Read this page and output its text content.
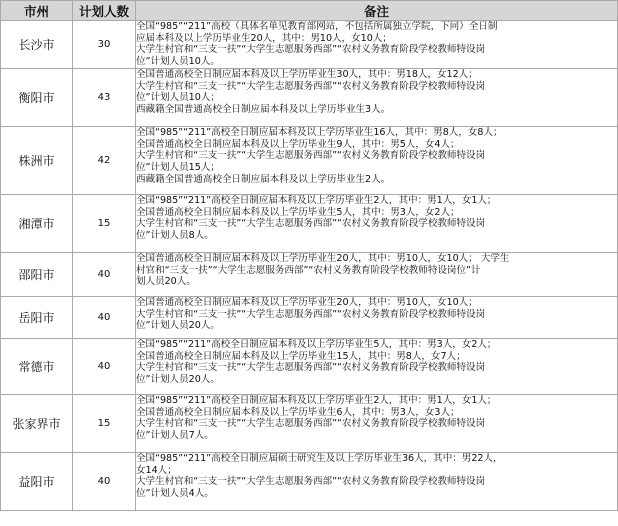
市州	计划人数	备注
长沙市	30	全国“985”“211”高校（具体名单见教育部网站，不包括所属独立学院，下同）全日制
应届本科及以上学历毕业生20人，其中：男10人，女10人；
大学生村官和“三支一扶”“大学生志愿服务西部”“农村义务教育阶段学校教师特设岗
位”计划人员10人。

衡阳市	43	全国普通高校全日制应届本科及以上学历毕业生30人，其中：男18人，女12人；
大学生村官和“三支一扶”“大学生志愿服务西部”“农村义务教育阶段学校教师特设岗
位”计划人员10人；
西藏籍全国普通高校全日制应届本科及以上学历毕业生3人。

株洲市	42	全国“985”“211”高校全日制应届本科及以上学历毕业生16人，其中：男8人，女8人；
全国普通高校全日制应届本科及以上学历毕业生9人，其中：男5人，女4人；
大学生村官和“三支一扶”“大学生志愿服务西部”“农村义务教育阶段学校教师特设岗
位”计划人员15人；
西藏籍全国普通高校全日制应届本科及以上学历毕业生2人。

湘潭市	15	全国“985”“211”高校全日制应届本科及以上学历毕业生2人，其中：男1人，女1人；
全国普通高校全日制应届本科及以上学历毕业生5人，其中：男3人，女2人；
大学生村官和“三支一扶”“大学生志愿服务西部”“农村义务教育阶段学校教师特设岗
位”计划人员8人。

邵阳市	40	全国普通高校全日制应届本科及以上学历毕业生20人，其中：男10人，女10人； 大学生
村官和“三支一扶”“大学生志愿服务西部”“农村义务教育阶段学校教师特设岗位”计
划人员20人。

岳阳市	40	全国普通高校全日制应届本科及以上学历毕业生20人，其中：男10人，女10人；
大学生村官和“三支一扶”“大学生志愿服务西部”“农村义务教育阶段学校教师特设岗
位”计划人员20人。

常德市	40	全国“985”“211”高校全日制应届本科及以上学历毕业生5人，其中：男3人，女2人；
全国普通高校全日制应届本科及以上学历毕业生15人，其中：男8人，女7人；
大学生村官和“三支一扶”“大学生志愿服务西部”“农村义务教育阶段学校教师特设岗
位”计划人员20人。

张家界市	15	全国“985”“211”高校全日制应届本科及以上学历毕业生2人，其中：男1人，女1人；
全国普通高校全日制应届本科及以上学历毕业生6人，其中：男3人，女3人；
大学生村官和“三支一扶”“大学生志愿服务西部”“农村义务教育阶段学校教师特设岗
位”计划人员7人。

益阳市	40	全国“985”“211”高校全日制应届硕士研究生及以上学历毕业生36人，其中：男22人，
女14人；
大学生村官和“三支一扶”“大学生志愿服务西部”“农村义务教育阶段学校教师特设岗
位”计划人员4人。
